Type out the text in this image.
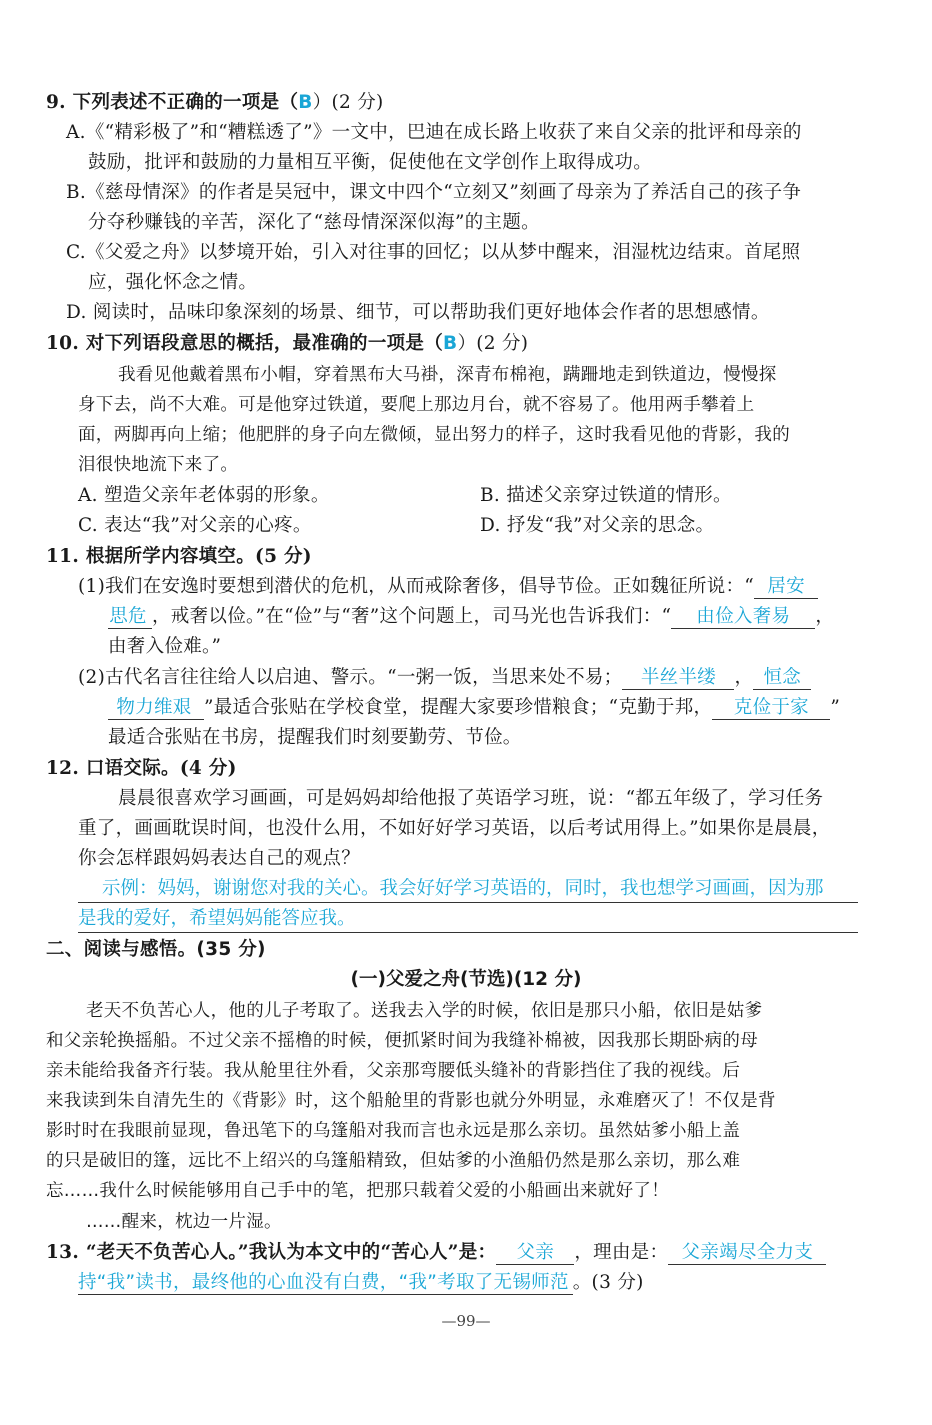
9. 下列表述不正确的一项是（B）(2 分)
A.《“精彩极了”和“糟糕透了”》一文中，巴迪在成长路上收获了来自父亲的批评和母亲的
鼓励，批评和鼓励的力量相互平衡，促使他在文学创作上取得成功。
B.《慈母情深》的作者是吴冠中，课文中四个“立刻又”刻画了母亲为了养活自己的孩子争
分夺秒赚钱的辛苦，深化了“慈母情深深似海”的主题。
C.《父爱之舟》以梦境开始，引入对往事的回忆；以从梦中醒来，泪湿枕边结束。首尾照
应，强化怀念之情。
D. 阅读时，品味印象深刻的场景、细节，可以帮助我们更好地体会作者的思想感情。
10. 对下列语段意思的概括，最准确的一项是（B）(2 分)
我看见他戴着黑布小帽，穿着黑布大马褂，深青布棉袍，蹒跚地走到铁道边，慢慢探
身下去，尚不大难。可是他穿过铁道，要爬上那边月台，就不容易了。他用两手攀着上
面，两脚再向上缩；他肥胖的身子向左微倾，显出努力的样子，这时我看见他的背影，我的
泪很快地流下来了。
A. 塑造父亲年老体弱的形象。	B. 描述父亲穿过铁道的情形。
C. 表达“我”对父亲的心疼。	D. 抒发“我”对父亲的思念。
11. 根据所学内容填空。(5 分)
(1)我们在安逸时要想到潜伏的危机，从而戒除奢侈，倡导节俭。正如魏征所说：“ 居安
思危 ，戒奢以俭。”在“俭”与“奢”这个问题上，司马光也告诉我们：“ 由俭入奢易 ，
由奢入俭难。”
(2)古代名言往往给人以启迪、警示。“一粥一饭，当思来处不易； 半丝半缕 ， 恒念
物力维艰 ”最适合张贴在学校食堂，提醒大家要珍惜粮食；“克勤于邦， 克俭于家 ”
最适合张贴在书房，提醒我们时刻要勤劳、节俭。
12. 口语交际。(4 分)
晨晨很喜欢学习画画，可是妈妈却给他报了英语学习班，说：“都五年级了，学习任务
重了，画画耽误时间，也没什么用，不如好好学习英语，以后考试用得上。”如果你是晨晨，
你会怎样跟妈妈表达自己的观点？
示例：妈妈，谢谢您对我的关心。我会好好学习英语的，同时，我也想学习画画，因为那
是我的爱好，希望妈妈能答应我。
二、阅读与感悟。(35 分)
(一)父爱之舟(节选)(12 分)
老天不负苦心人，他的儿子考取了。送我去入学的时候，依旧是那只小船，依旧是姑爹
和父亲轮换摇船。不过父亲不摇橹的时候，便抓紧时间为我缝补棉被，因我那长期卧病的母
亲未能给我备齐行装。我从舱里往外看，父亲那弯腰低头缝补的背影挡住了我的视线。后
来我读到朱自清先生的《背影》时，这个船舱里的背影也就分外明显，永难磨灭了！不仅是背
影时时在我眼前显现，鲁迅笔下的乌篷船对我而言也永远是那么亲切。虽然姑爹小船上盖
的只是破旧的篷，远比不上绍兴的乌篷船精致，但姑爹的小渔船仍然是那么亲切，那么难
忘……我什么时候能够用自己手中的笔，把那只载着父爱的小船画出来就好了！
……醒来，枕边一片湿。
13. “老天不负苦心人。”我认为本文中的“苦心人”是： 父亲 ，理由是： 父亲竭尽全力支
持“我”读书，最终他的心血没有白费，“我”考取了无锡师范 。(3 分)
—99—
